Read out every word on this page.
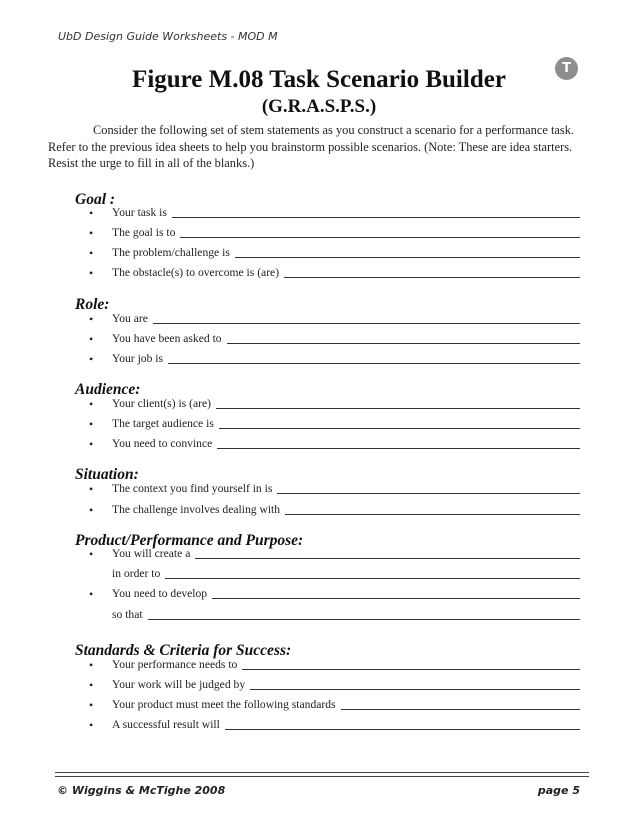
UbD Design Guide Worksheets - MOD M
T
Figure M.08 Task Scenario Builder
(G.R.A.S.P.S.)
Consider the following set of stem statements as you construct a scenario for a performance task. Refer to the previous idea sheets to help you brainstorm possible scenarios. (Note: These are idea starters. Resist the urge to fill in all of the blanks.)
Goal :
• Your task is
• The goal is to
• The problem/challenge is
• The obstacle(s) to overcome is (are)
Role:
• You are
• You have been asked to
• Your job is
Audience:
• Your client(s) is (are)
• The target audience is
• You need to convince
Situation:
• The context you find yourself in is
• The challenge involves dealing with
Product/Performance and Purpose:
• You will create a
in order to
• You need to develop
so that
Standards & Criteria for Success:
• Your performance needs to
• Your work will be judged by
• Your product must meet the following standards
• A successful result will
© Wiggins & McTighe 2008	page 5
